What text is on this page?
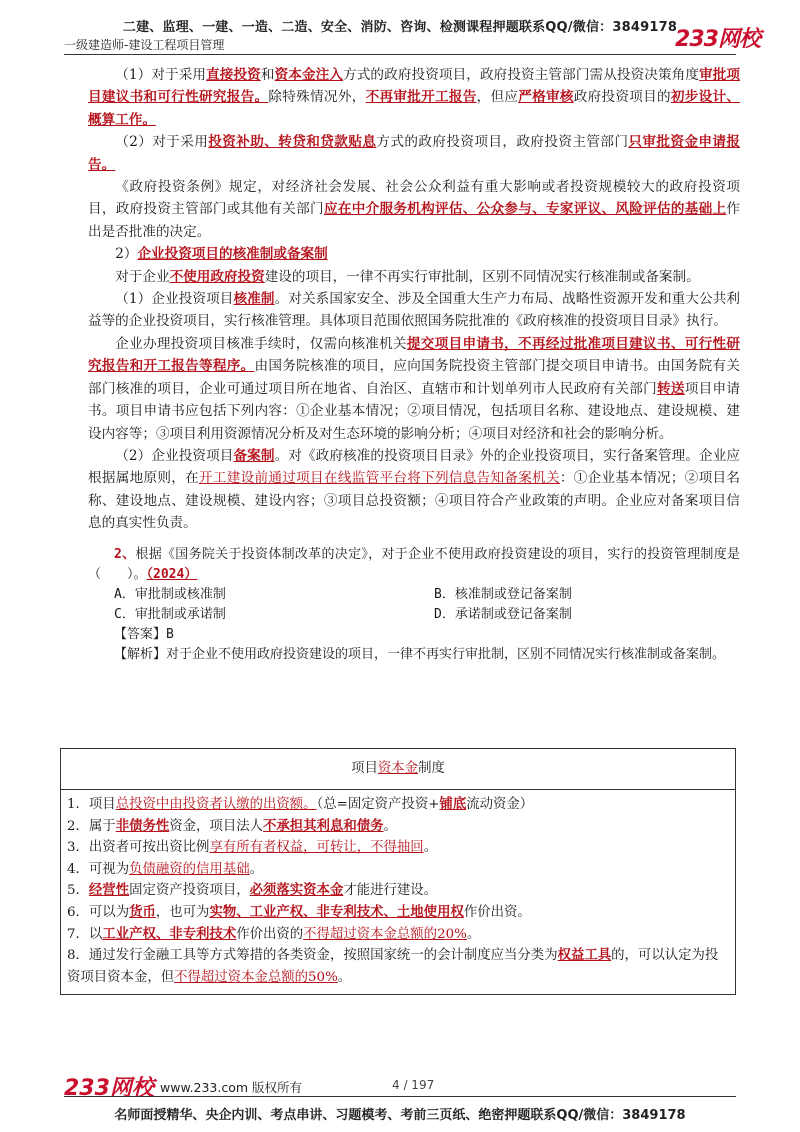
二建、监理、一建、一造、二造、安全、消防、咨询、检测课程押题联系QQ/微信：3849178
一级建造师-建设工程项目管理	233网校

（1）对于采用直接投资和资本金注入方式的政府投资项目，政府投资主管部门需从投资决策角度审批项目建议书和可行性研究报告。除特殊情况外，不再审批开工报告，但应严格审核政府投资项目的初步设计、概算工作。

（2）对于采用投资补助、转贷和贷款贴息方式的政府投资项目，政府投资主管部门只审批资金申请报告。

《政府投资条例》规定，对经济社会发展、社会公众利益有重大影响或者投资规模较大的政府投资项目，政府投资主管部门或其他有关部门应在中介服务机构评估、公众参与、专家评议、风险评估的基础上作出是否批准的决定。

2）企业投资项目的核准制或备案制

对于企业不使用政府投资建设的项目，一律不再实行审批制，区别不同情况实行核准制或备案制。

（1）企业投资项目核准制。对关系国家安全、涉及全国重大生产力布局、战略性资源开发和重大公共利益等的企业投资项目，实行核准管理。具体项目范围依照国务院批准的《政府核准的投资项目目录》执行。

企业办理投资项目核准手续时，仅需向核准机关提交项目申请书，不再经过批准项目建议书、可行性研究报告和开工报告等程序。由国务院核准的项目，应向国务院投资主管部门提交项目申请书。由国务院有关部门核准的项目，企业可通过项目所在地省、自治区、直辖市和计划单列市人民政府有关部门转送项目申请书。项目申请书应包括下列内容：①企业基本情况；②项目情况，包括项目名称、建设地点、建设规模、建设内容等；③项目利用资源情况分析及对生态环境的影响分析；④项目对经济和社会的影响分析。

（2）企业投资项目备案制。对《政府核准的投资项目目录》外的企业投资项目，实行备案管理。企业应根据属地原则，在开工建设前通过项目在线监管平台将下列信息告知备案机关：①企业基本情况；②项目名称、建设地点、建设规模、建设内容；③项目总投资额；④项目符合产业政策的声明。企业应对备案项目信息的真实性负责。

2、根据《国务院关于投资体制改革的决定》，对于企业不使用政府投资建设的项目，实行的投资管理制度是（　　）。（2024）

A．审批制或核准制	B．核准制或登记备案制
C．审批制或承诺制	D．承诺制或登记备案制

【答案】B

【解析】对于企业不使用政府投资建设的项目，一律不再实行审批制，区别不同情况实行核准制或备案制。

项目资本金制度
1．项目总投资中由投资者认缴的出资额。（总=固定资产投资+铺底流动资金）
2．属于非债务性资金，项目法人不承担其利息和债务。
3．出资者可按出资比例享有所有者权益，可转让，不得抽回。
4．可视为负债融资的信用基础。
5．经营性固定资产投资项目，必须落实资本金才能进行建设。
6．可以为货币，也可为实物、工业产权、非专利技术、土地使用权作价出资。
7．以工业产权、非专利技术作价出资的不得超过资本金总额的20%。
8．通过发行金融工具等方式筹措的各类资金，按照国家统一的会计制度应当分类为权益工具的，可以认定为投资项目资本金，但不得超过资本金总额的50%。
233网校 www.233.com 版权所有	4 / 197
名师面授精华、央企内训、考点串讲、习题模考、考前三页纸、绝密押题联系QQ/微信：3849178
